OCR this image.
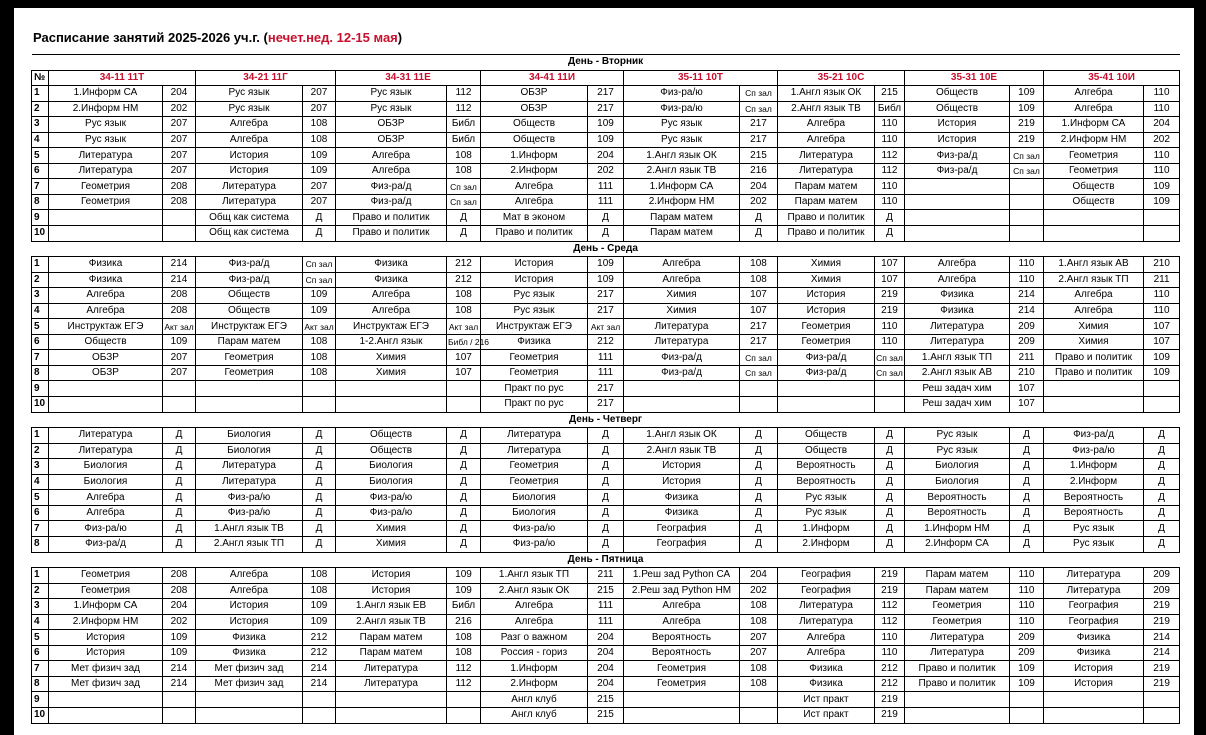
Расписание занятий 2025-2026 уч.г. (нечет.нед. 12-15 мая)
День - Вторник																
№	34-11 11Т		34-21 11Г		34-31 11Е		34-41 11И		35-11 10Т		35-21 10С		35-31 10Е		35-41 10И	
1	1.Информ СА	204	Рус язык	207	Рус язык	112	ОБЗР	217	Физ-ра/ю	Сп зал	1.Англ язык ОК	215	Обществ	109	Алгебра	110
2	2.Информ НМ	202	Рус язык	207	Рус язык	112	ОБЗР	217	Физ-ра/ю	Сп зал	2.Англ язык ТВ	Библ	Обществ	109	Алгебра	110
3	Рус язык	207	Алгебра	108	ОБЗР	Библ	Обществ	109	Рус язык	217	Алгебра	110	История	219	1.Информ СА	204
4	Рус язык	207	Алгебра	108	ОБЗР	Библ	Обществ	109	Рус язык	217	Алгебра	110	История	219	2.Информ НМ	202
5	Литература	207	История	109	Алгебра	108	1.Информ	204	1.Англ язык ОК	215	Литература	112	Физ-ра/д	Сп зал	Геометрия	110
6	Литература	207	История	109	Алгебра	108	2.Информ	202	2.Англ язык ТВ	216	Литература	112	Физ-ра/д	Сп зал	Геометрия	110
7	Геометрия	208	Литература	207	Физ-ра/д	Сп зал	Алгебра	111	1.Информ СА	204	Парам матем	110			Обществ	109
8	Геометрия	208	Литература	207	Физ-ра/д	Сп зал	Алгебра	111	2.Информ НМ	202	Парам матем	110			Обществ	109
9			Общ как система	Д	Право и политик	Д	Мат в эконом	Д	Парам матем	Д	Право и политик	Д				
10			Общ как система	Д	Право и политик	Д	Право и политик	Д	Парам матем	Д	Право и политик	Д				
День - Среда																
1	Физика	214	Физ-ра/д	Сп зал	Физика	212	История	109	Алгебра	108	Химия	107	Алгебра	110	1.Англ язык АВ	210
2	Физика	214	Физ-ра/д	Сп зал	Физика	212	История	109	Алгебра	108	Химия	107	Алгебра	110	2.Англ язык ТП	211
3	Алгебра	208	Обществ	109	Алгебра	108	Рус язык	217	Химия	107	История	219	Физика	214	Алгебра	110
4	Алгебра	208	Обществ	109	Алгебра	108	Рус язык	217	Химия	107	История	219	Физика	214	Алгебра	110
5	Инструктаж ЕГЭ	Акт зал	Инструктаж ЕГЭ	Акт зал	Инструктаж ЕГЭ	Акт зал	Инструктаж ЕГЭ	Акт зал	Литература	217	Геометрия	110	Литература	209	Химия	107
6	Обществ	109	Парам матем	108	1-2.Англ язык	Библ / 216	Физика	212	Литература	217	Геометрия	110	Литература	209	Химия	107
7	ОБЗР	207	Геометрия	108	Химия	107	Геометрия	111	Физ-ра/д	Сп зал	Физ-ра/д	Сп зал	1.Англ язык ТП	211	Право и политик	109
8	ОБЗР	207	Геометрия	108	Химия	107	Геометрия	111	Физ-ра/д	Сп зал	Физ-ра/д	Сп зал	2.Англ язык АВ	210	Право и политик	109
9							Практ по рус	217					Реш задач хим	107		
10							Практ по рус	217					Реш задач хим	107		
День - Четверг																
1	Литература	Д	Биология	Д	Обществ	Д	Литература	Д	1.Англ язык ОК	Д	Обществ	Д	Рус язык	Д	Физ-ра/д	Д
2	Литература	Д	Биология	Д	Обществ	Д	Литература	Д	2.Англ язык ТВ	Д	Обществ	Д	Рус язык	Д	Физ-ра/ю	Д
3	Биология	Д	Литература	Д	Биология	Д	Геометрия	Д	История	Д	Вероятность	Д	Биология	Д	1.Информ	Д
4	Биология	Д	Литература	Д	Биология	Д	Геометрия	Д	История	Д	Вероятность	Д	Биология	Д	2.Информ	Д
5	Алгебра	Д	Физ-ра/ю	Д	Физ-ра/ю	Д	Биология	Д	Физика	Д	Рус язык	Д	Вероятность	Д	Вероятность	Д
6	Алгебра	Д	Физ-ра/ю	Д	Физ-ра/ю	Д	Биология	Д	Физика	Д	Рус язык	Д	Вероятность	Д	Вероятность	Д
7	Физ-ра/ю	Д	1.Англ язык ТВ	Д	Химия	Д	Физ-ра/ю	Д	География	Д	1.Информ	Д	1.Информ НМ	Д	Рус язык	Д
8	Физ-ра/д	Д	2.Англ язык ТП	Д	Химия	Д	Физ-ра/ю	Д	География	Д	2.Информ	Д	2.Информ СА	Д	Рус язык	Д
День - Пятница																
1	Геометрия	208	Алгебра	108	История	109	1.Англ язык ТП	211	1.Реш зад Python СА	204	География	219	Парам матем	110	Литература	209
2	Геометрия	208	Алгебра	108	История	109	2.Англ язык ОК	215	2.Реш зад Python НМ	202	География	219	Парам матем	110	Литература	209
3	1.Информ СА	204	История	109	1.Англ язык ЕВ	Библ	Алгебра	111	Алгебра	108	Литература	112	Геометрия	110	География	219
4	2.Информ НМ	202	История	109	2.Англ язык ТВ	216	Алгебра	111	Алгебра	108	Литература	112	Геометрия	110	География	219
5	История	109	Физика	212	Парам матем	108	Разг о важном	204	Вероятность	207	Алгебра	110	Литература	209	Физика	214
6	История	109	Физика	212	Парам матем	108	Россия - гориз	204	Вероятность	207	Алгебра	110	Литература	209	Физика	214
7	Мет физич зад	214	Мет физич зад	214	Литература	112	1.Информ	204	Геометрия	108	Физика	212	Право и политик	109	История	219
8	Мет физич зад	214	Мет физич зад	214	Литература	112	2.Информ	204	Геометрия	108	Физика	212	Право и политик	109	История	219
9							Англ клуб	215			Ист практ	219				
10							Англ клуб	215			Ист практ	219				
